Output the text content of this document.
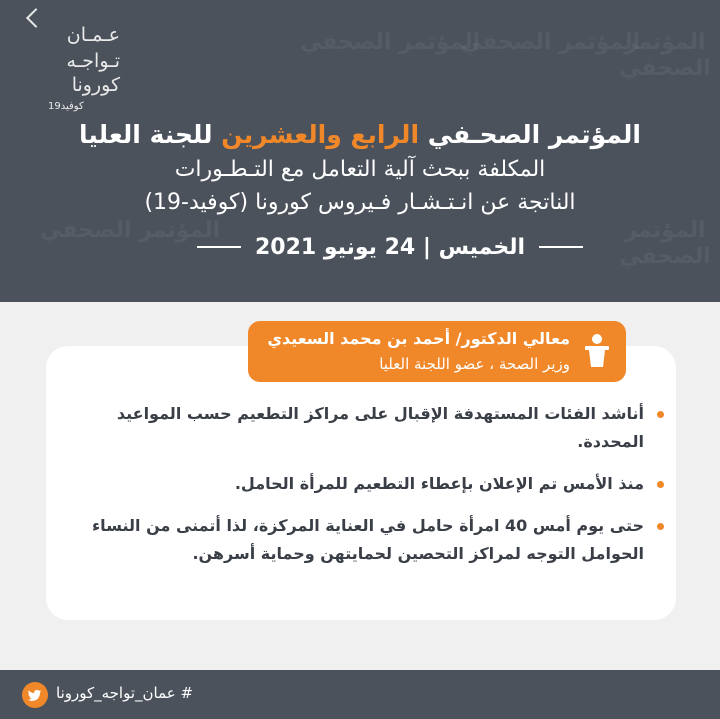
المؤتمر الصحفي
المؤتمر الصحفي
المؤتمر الصحفي
المؤتمر الصحفي	المؤتمر الصحفي
عـمـان
تـواجـه
كورونا
كوفيد19
المؤتمر الصحـفي الرابع والعشرين للجنة العليا
المكلفة ببحث آلية التعامل مع التـطـورات
الناتجة عن انـتـشـار فـيروس كورونا (كوفيد-19)
الخميس | 24 يونيو 2021
معالي الدكتور/ أحمد بن محمد السعيدي
وزير الصحة ، عضو اللجنة العليا
أناشد الفئات المستهدفة الإقبال على مراكز التطعيم حسب المواعيد المحددة.
منذ الأمس تم الإعلان بإعطاء التطعيم للمرأة الحامل.
حتى يوم أمس 40 امرأة حامل في العناية المركزة، لذا أتمنى من النساء الحوامل التوجه لمراكز التحصين لحمايتهن وحماية أسرهن.
# عمان_تواجه_كورونا
